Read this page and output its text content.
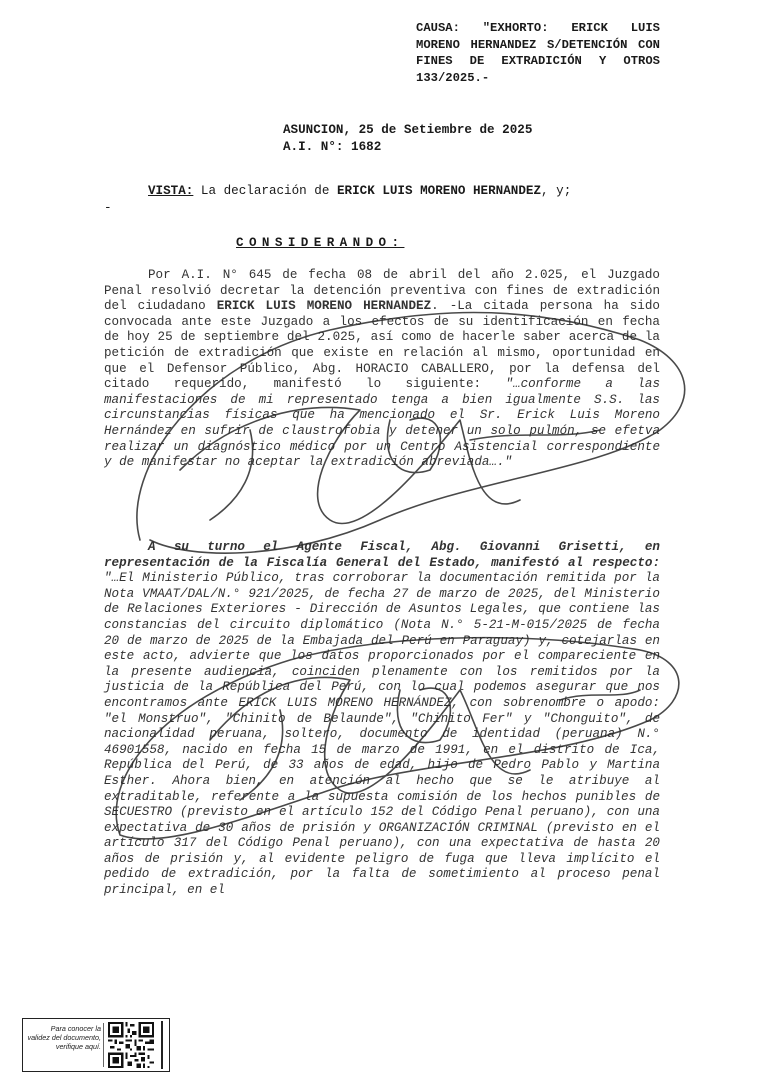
CAUSA: "EXHORTO: ERICK LUIS MORENO HERNANDEZ S/DETENCIÓN CON FINES DE EXTRADICIÓN Y OTROS 133/2025.-
ASUNCION, 25 de Setiembre de 2025
A.I. N°: 1682
VISTA: La declaración de ERICK LUIS MORENO HERNANDEZ, y;
-
CONSIDERANDO:
Por A.I. N° 645 de fecha 08 de abril del año 2.025, el Juzgado Penal resolvió decretar la detención preventiva con fines de extradición del ciudadano ERICK LUIS MORENO HERNANDEZ. -La citada persona ha sido convocada ante este Juzgado a los efectos de su identificación en fecha de hoy 25 de septiembre del 2.025, así como de hacerle saber acerca de la petición de extradición que existe en relación al mismo, oportunidad en que el Defensor Público, Abg. HORACIO CABALLERO, por la defensa del citado requerido, manifestó lo siguiente: "…conforme a las manifestaciones de mi representado tenga a bien igualmente S.S. las circunstancias físicas que ha mencionado el Sr. Erick Luis Moreno Hernández en sufrir de claustrofobia y detener un solo pulmón, se efetva realizar un diagnóstico médico por un Centro Asistencial correspondiente y de manifestar no aceptar la extradición abreviada…."
A su turno el Agente Fiscal, Abg. Giovanni Grisetti, en representación de la Fiscalía General del Estado, manifestó al respecto: "…El Ministerio Público, tras corroborar la documentación remitida por la Nota VMAAT/DAL/N.° 921/2025, de fecha 27 de marzo de 2025, del Ministerio de Relaciones Exteriores - Dirección de Asuntos Legales, que contiene las constancias del circuito diplomático (Nota N.° 5-21-M-015/2025 de fecha 20 de marzo de 2025 de la Embajada del Perú en Paraguay) y, cotejarlas en este acto, advierte que los datos proporcionados por el compareciente en la presente audiencia, coinciden plenamente con los remitidos por la justicia de la República del Perú, con lo cual podemos asegurar que nos encontramos ante ERICK LUIS MORENO HERNÁNDEZ, con sobrenombre o apodo: "el Monstruo", "Chinito de Belaunde", "Chinito Fer" y "Chonguito", de nacionalidad peruana, soltero, documento de identidad (peruana) N.° 46901558, nacido en fecha 15 de marzo de 1991, en el distrito de Ica, República del Perú, de 33 años de edad, hijo de Pedro Pablo y Martina Esther. Ahora bien, en atención al hecho que se le atribuye al extraditable, referente a la supuesta comisión de los hechos punibles de SECUESTRO (previsto en el artículo 152 del Código Penal peruano), con una expectativa de 30 años de prisión y ORGANIZACIÓN CRIMINAL (previsto en el artículo 317 del Código Penal peruano), con una expectativa de hasta 20 años de prisión y, al evidente peligro de fuga que lleva implícito el pedido de extradición, por la falta de sometimiento al proceso penal principal, en el
Para conocer la validez del documento, verifique aquí.
